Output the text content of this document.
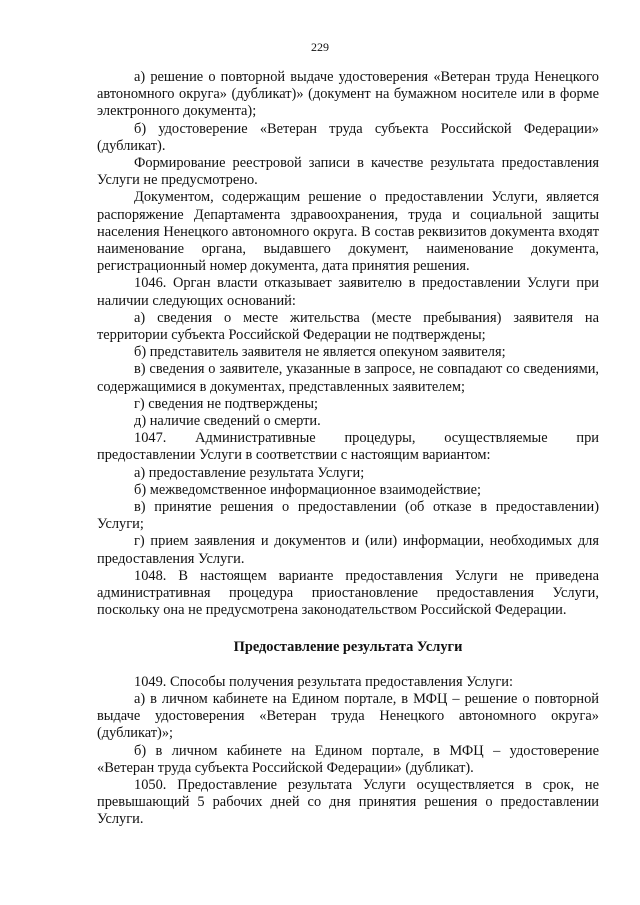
229

а) решение о повторной выдаче удостоверения «Ветеран труда Ненецкого автономного округа» (дубликат)» (документ на бумажном носителе или в форме электронного документа);

б) удостоверение «Ветеран труда субъекта Российской Федерации» (дубликат).

Формирование реестровой записи в качестве результата предоставления Услуги не предусмотрено.

Документом, содержащим решение о предоставлении Услуги, является распоряжение Департамента здравоохранения, труда и социальной защиты населения Ненецкого автономного округа. В состав реквизитов документа входят наименование органа, выдавшего документ, наименование документа, регистрационный номер документа, дата принятия решения.

1046. Орган власти отказывает заявителю в предоставлении Услуги при наличии следующих оснований:

а) сведения о месте жительства (месте пребывания) заявителя на территории субъекта Российской Федерации не подтверждены;

б) представитель заявителя не является опекуном заявителя;

в) сведения о заявителе, указанные в запросе, не совпадают со сведениями, содержащимися в документах, представленных заявителем;

г) сведения не подтверждены;

д) наличие сведений о смерти.

1047. Административные процедуры, осуществляемые при предоставлении Услуги в соответствии с настоящим вариантом:

а) предоставление результата Услуги;

б) межведомственное информационное взаимодействие;

в) принятие решения о предоставлении (об отказе в предоставлении) Услуги;

г) прием заявления и документов и (или) информации, необходимых для предоставления Услуги.

1048. В настоящем варианте предоставления Услуги не приведена административная процедура приостановление предоставления Услуги, поскольку она не предусмотрена законодательством Российской Федерации.

Предоставление результата Услуги

1049. Способы получения результата предоставления Услуги:

а) в личном кабинете на Едином портале, в МФЦ – решение о повторной выдаче удостоверения «Ветеран труда Ненецкого автономного округа» (дубликат)»;

б) в личном кабинете на Едином портале, в МФЦ – удостоверение «Ветеран труда субъекта Российской Федерации» (дубликат).

1050. Предоставление результата Услуги осуществляется в срок, не превышающий 5 рабочих дней со дня принятия решения о предоставлении Услуги.
